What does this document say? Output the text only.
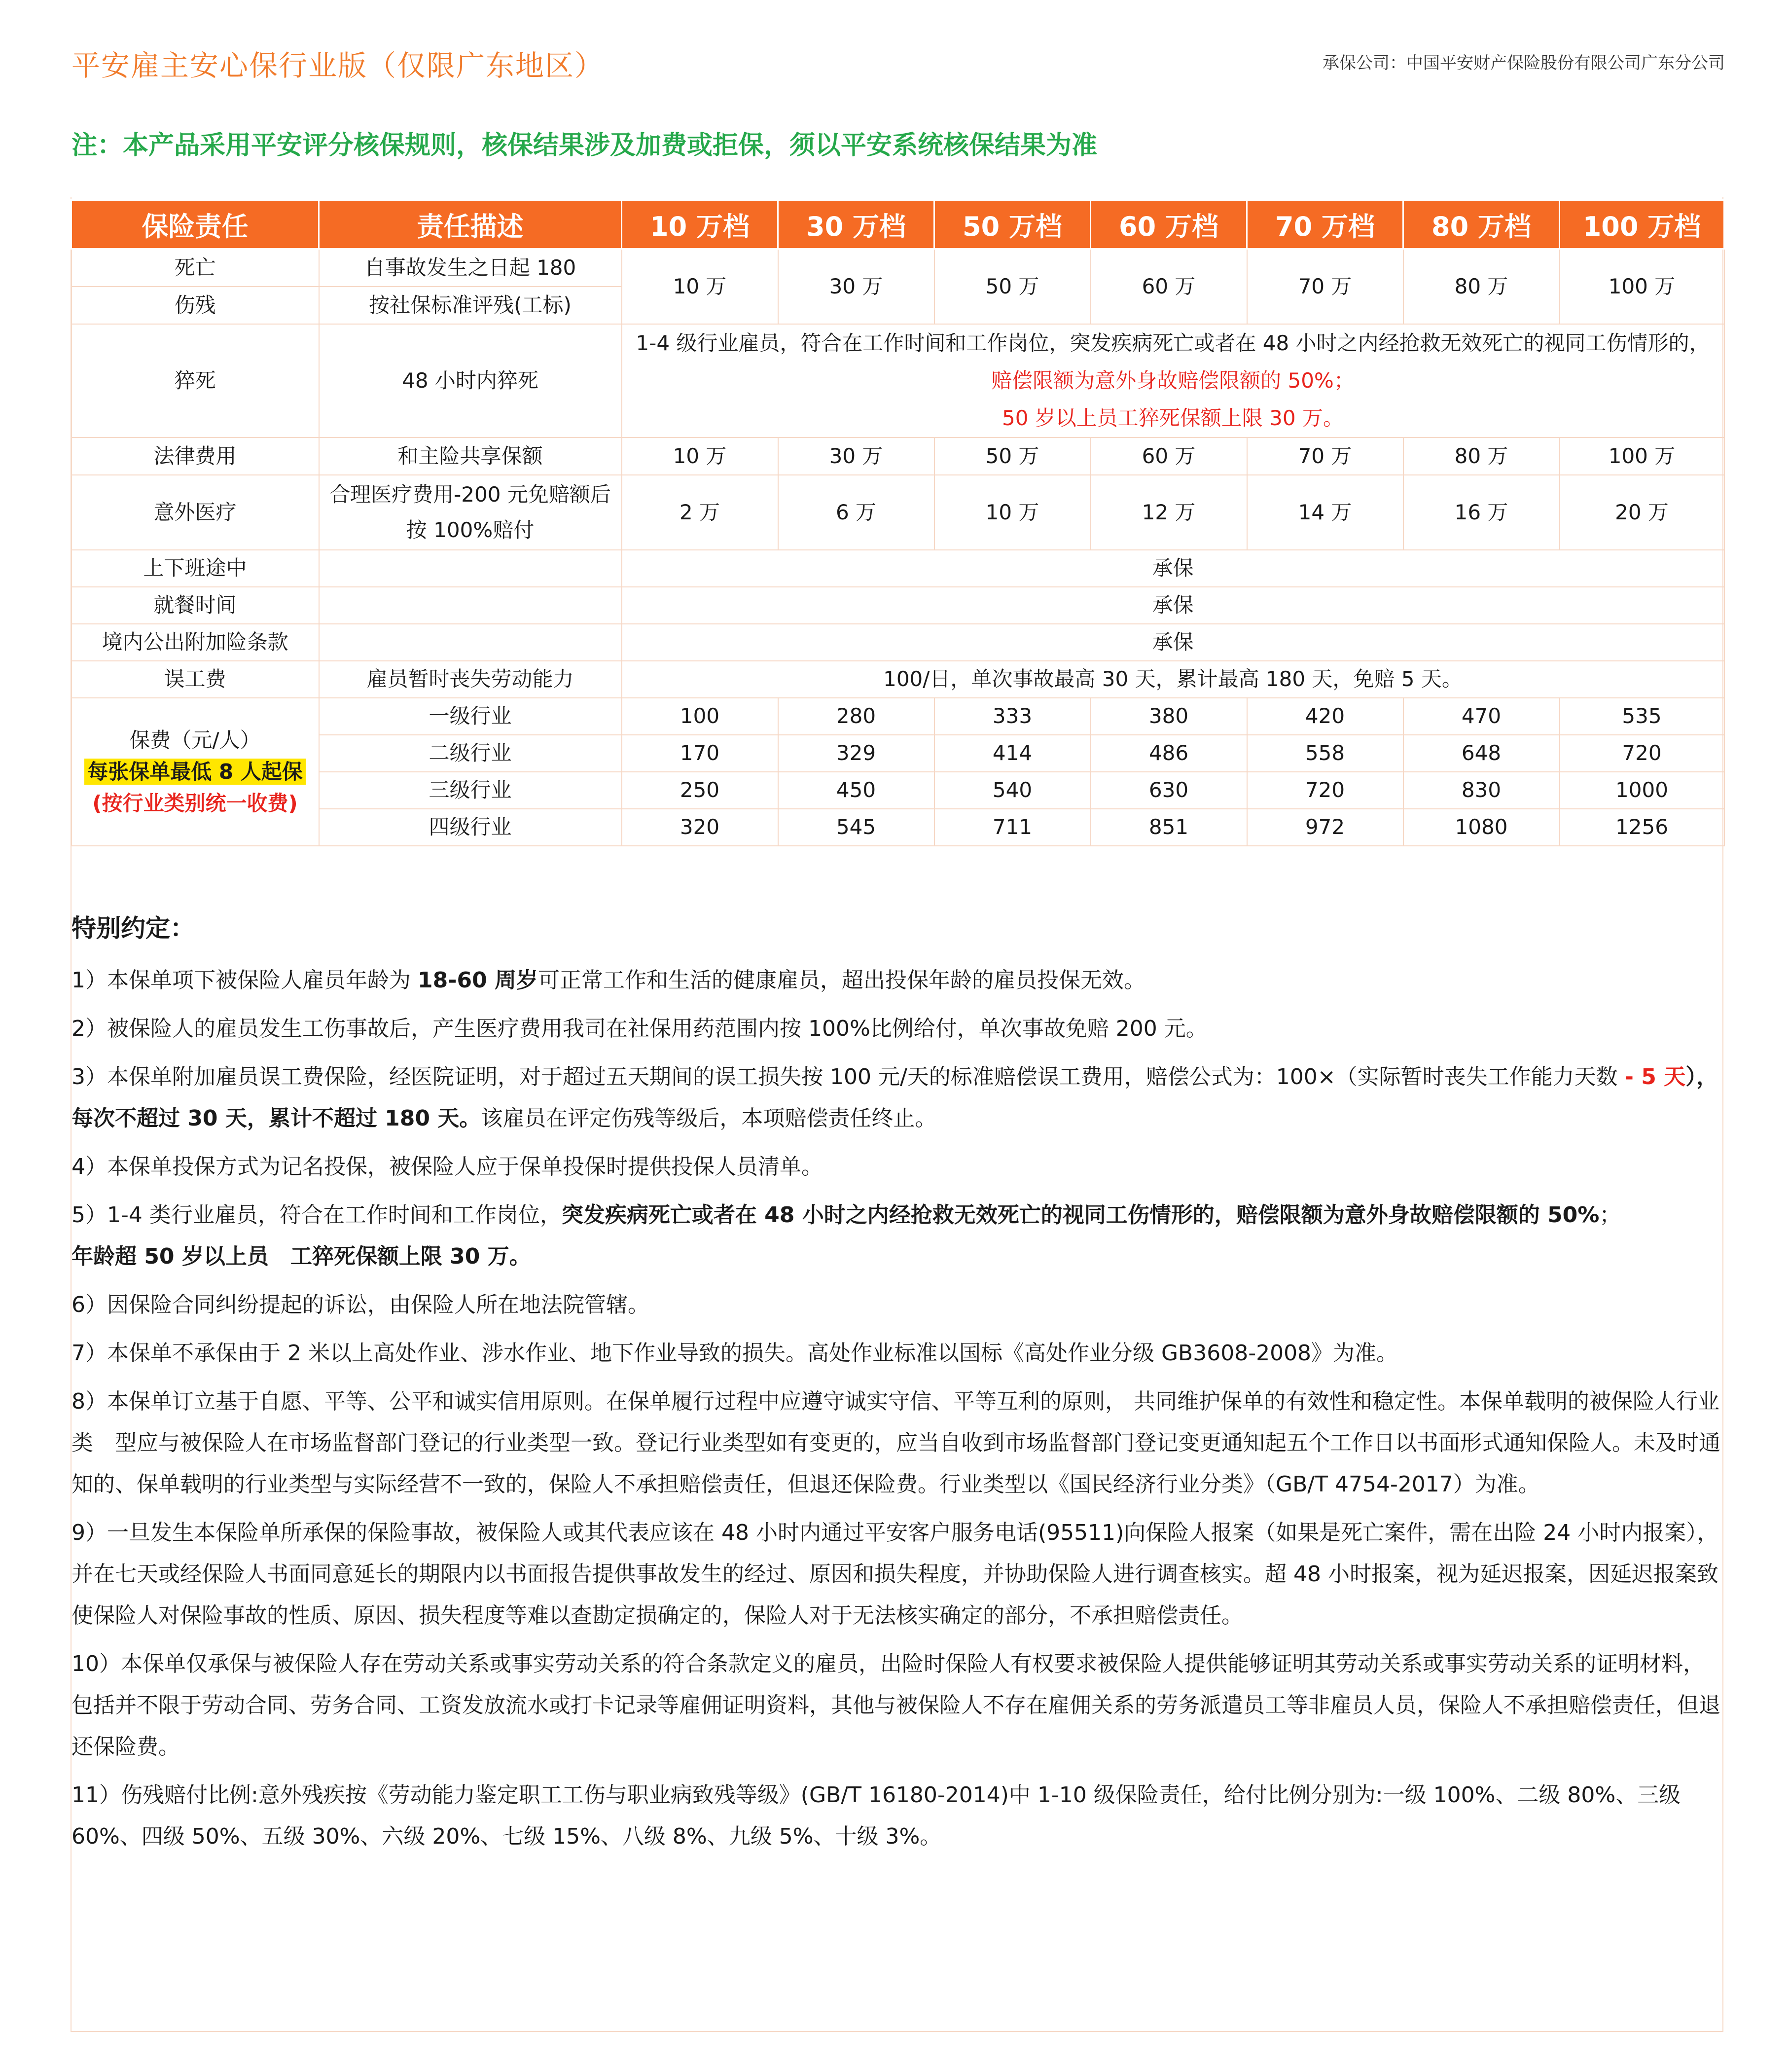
平安雇主安心保行业版（仅限广东地区）	承保公司：中国平安财产保险股份有限公司广东分公司
注：本产品采用平安评分核保规则，核保结果涉及加费或拒保，须以平安系统核保结果为准
保险责任	责任描述	10 万档	30 万档	50 万档	60 万档	70 万档	80 万档	100 万档
死亡	自事故发生之日起 180	10 万	30 万	50 万	60 万	70 万	80 万	100 万
伤残	按社保标准评残(工标)							
猝死	48 小时内猝死	1-4 级行业雇员，符合在工作时间和工作岗位，突发疾病死亡或者在 48 小时之内经抢救无效死亡的视同工伤情形的，
赔偿限额为意外身故赔偿限额的 50%；
50 岁以上员工猝死保额上限 30 万。						

法律费用	和主险共享保额	10 万	30 万	50 万	60 万	70 万	80 万	100 万
意外医疗	合理医疗费用-200 元免赔额后
按 100%赔付	2 万	6 万	10 万	12 万	14 万	16 万	20 万
上下班途中		承保						
就餐时间		承保						
境内公出附加险条款		承保						
误工费	雇员暂时丧失劳动能力	100/日，单次事故最高 30 天，累计最高 180 天，免赔 5 天。						

保费（元/人）
每张保单最低 8 人起保
(按行业类别统一收费)	一级行业	100	280	333	380	420	470	535
	二级行业	170	329	414	486	558	648	720
	三级行业	250	450	540	630	720	830	1000
	四级行业	320	545	711	851	972	1080	1256
特别约定：

1）本保单项下被保险人雇员年龄为 18-60 周岁可正常工作和生活的健康雇员，超出投保年龄的雇员投保无效。

2）被保险人的雇员发生工伤事故后，产生医疗费用我司在社保用药范围内按 100%比例给付，单次事故免赔 200 元。

3）本保单附加雇员误工费保险，经医院证明，对于超过五天期间的误工损失按 100 元/天的标准赔偿误工费用，赔偿公式为：100×（实际暂时丧失工作能力天数 - 5 天），每次不超过 30 天，累计不超过 180 天。该雇员在评定伤残等级后，本项赔偿责任终止。

4）本保单投保方式为记名投保，被保险人应于保单投保时提供投保人员清单。

5）1-4 类行业雇员，符合在工作时间和工作岗位，突发疾病死亡或者在 48 小时之内经抢救无效死亡的视同工伤情形的，赔偿限额为意外身故赔偿限额的 50%；
年龄超 50 岁以上员　工猝死保额上限 30 万。

6）因保险合同纠纷提起的诉讼，由保险人所在地法院管辖。

7）本保单不承保由于 2 米以上高处作业、涉水作业、地下作业导致的损失。高处作业标准以国标《高处作业分级 GB3608-2008》为准。

8）本保单订立基于自愿、平等、公平和诚实信用原则。在保单履行过程中应遵守诚实守信、平等互利的原则， 共同维护保单的有效性和稳定性。本保单载明的被保险人行业类　型应与被保险人在市场监督部门登记的行业类型一致。登记行业类型如有变更的，应当自收到市场监督部门登记变更通知起五个工作日以书面形式通知保险人。未及时通知的、保单载明的行业类型与实际经营不一致的，保险人不承担赔偿责任，但退还保险费。行业类型以《国民经济行业分类》（GB/T 4754-2017）为准。

9）一旦发生本保险单所承保的保险事故，被保险人或其代表应该在 48 小时内通过平安客户服务电话(95511)向保险人报案（如果是死亡案件，需在出险 24 小时内报案），并在七天或经保险人书面同意延长的期限内以书面报告提供事故发生的经过、原因和损失程度，并协助保险人进行调查核实。超 48 小时报案，视为延迟报案，因延迟报案致使保险人对保险事故的性质、原因、损失程度等难以查勘定损确定的，保险人对于无法核实确定的部分，不承担赔偿责任。

10）本保单仅承保与被保险人存在劳动关系或事实劳动关系的符合条款定义的雇员，出险时保险人有权要求被保险人提供能够证明其劳动关系或事实劳动关系的证明材料，包括并不限于劳动合同、劳务合同、工资发放流水或打卡记录等雇佣证明资料，其他与被保险人不存在雇佣关系的劳务派遣员工等非雇员人员，保险人不承担赔偿责任，但退还保险费。

11）伤残赔付比例:意外残疾按《劳动能力鉴定职工工伤与职业病致残等级》(GB/T 16180-2014)中 1-10 级保险责任，给付比例分别为:一级 100%、二级 80%、三级 60%、四级 50%、五级 30%、六级 20%、七级 15%、八级 8%、九级 5%、十级 3%。
